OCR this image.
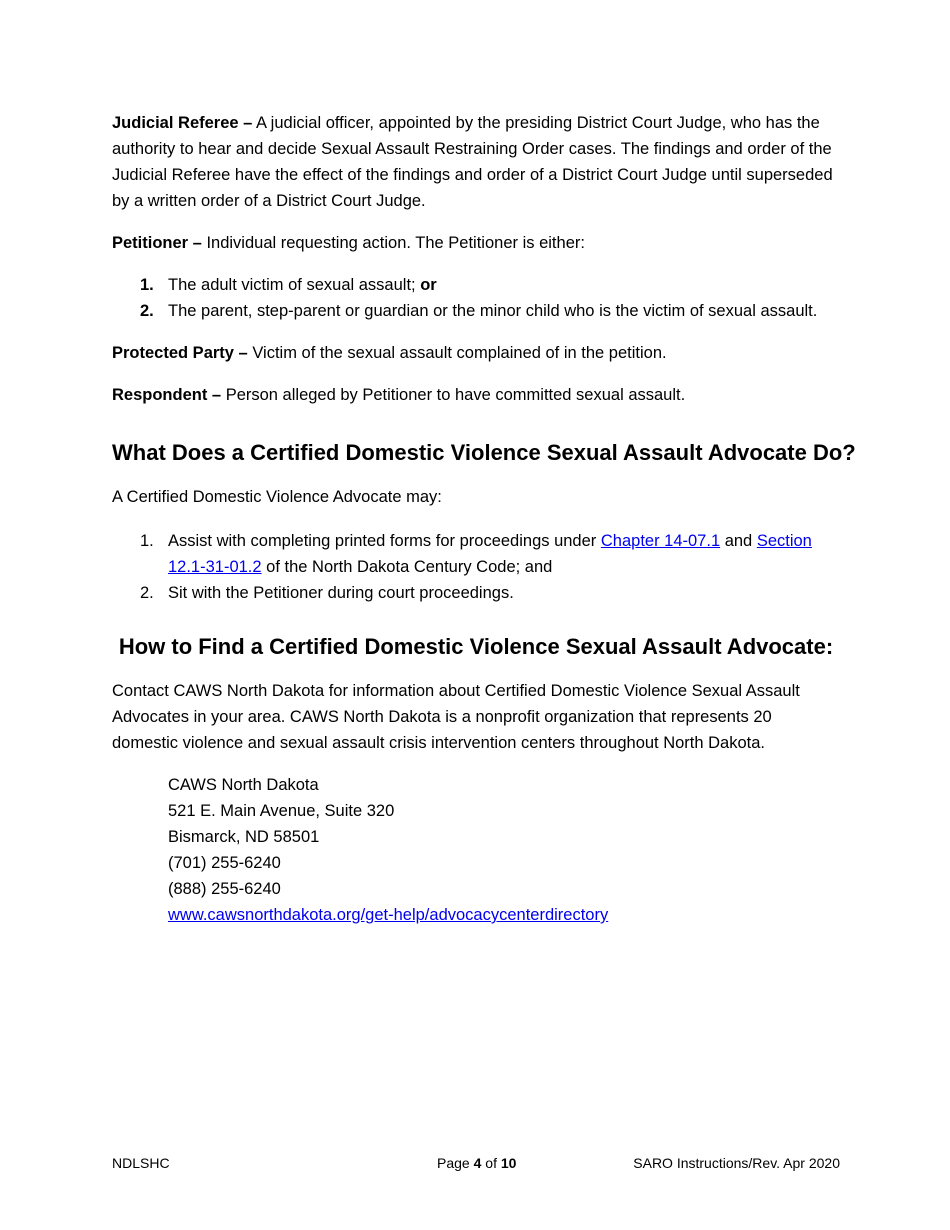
Judicial Referee – A judicial officer, appointed by the presiding District Court Judge, who has the authority to hear and decide Sexual Assault Restraining Order cases. The findings and order of the Judicial Referee have the effect of the findings and order of a District Court Judge until superseded by a written order of a District Court Judge.

Petitioner – Individual requesting action. The Petitioner is either:

1. The adult victim of sexual assault; or
2. The parent, step-parent or guardian or the minor child who is the victim of sexual assault.

Protected Party – Victim of the sexual assault complained of in the petition.

Respondent – Person alleged by Petitioner to have committed sexual assault.

What Does a Certified Domestic Violence Sexual Assault Advocate Do?

A Certified Domestic Violence Advocate may:

1. Assist with completing printed forms for proceedings under Chapter 14-07.1 and Section 12.1-31-01.2 of the North Dakota Century Code; and
2. Sit with the Petitioner during court proceedings.
How to Find a Certified Domestic Violence Sexual Assault Advocate:

Contact CAWS North Dakota for information about Certified Domestic Violence Sexual Assault Advocates in your area. CAWS North Dakota is a nonprofit organization that represents 20 domestic violence and sexual assault crisis intervention centers throughout North Dakota.

CAWS North Dakota
521 E. Main Avenue, Suite 320
Bismarck, ND 58501
(701) 255-6240
(888) 255-6240
www.cawsnorthdakota.org/get-help/advocacycenterdirectory
NDLSHC	Page 4 of 10	SARO Instructions/Rev. Apr 2020
